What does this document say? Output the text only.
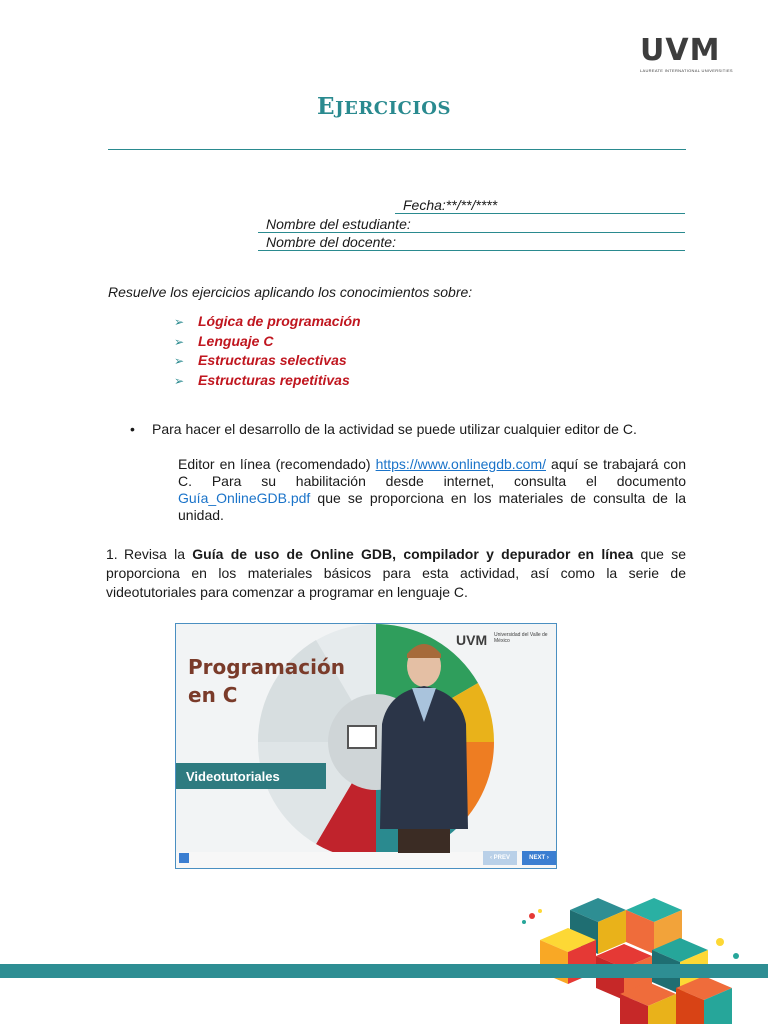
UVM
LAUREATE INTERNATIONAL UNIVERSITIES
EJERCICIOS
Fecha:**/**/****
Nombre del estudiante:
Nombre del docente:
Resuelve los ejercicios aplicando los conocimientos sobre:
➢ Lógica de programación
➢ Lenguaje C
➢ Estructuras selectivas
➢ Estructuras repetitivas
• Para hacer el desarrollo de la actividad se puede utilizar cualquier editor de C.
Editor en línea (recomendado) https://www.onlinegdb.com/ aquí se trabajará con C. Para su habilitación desde internet, consulta el documento Guía_OnlineGDB.pdf que se proporciona en los materiales de consulta de la unidad.
1. Revisa la Guía de uso de Online GDB, compilador y depurador en línea que se proporciona en los materiales básicos para esta actividad, así como la serie de videotutoriales para comenzar a programar en lenguaje C.
Programación
en C
Videotutoriales
UVM Universidad del Valle de México
‹ PREV	NEXT ›
